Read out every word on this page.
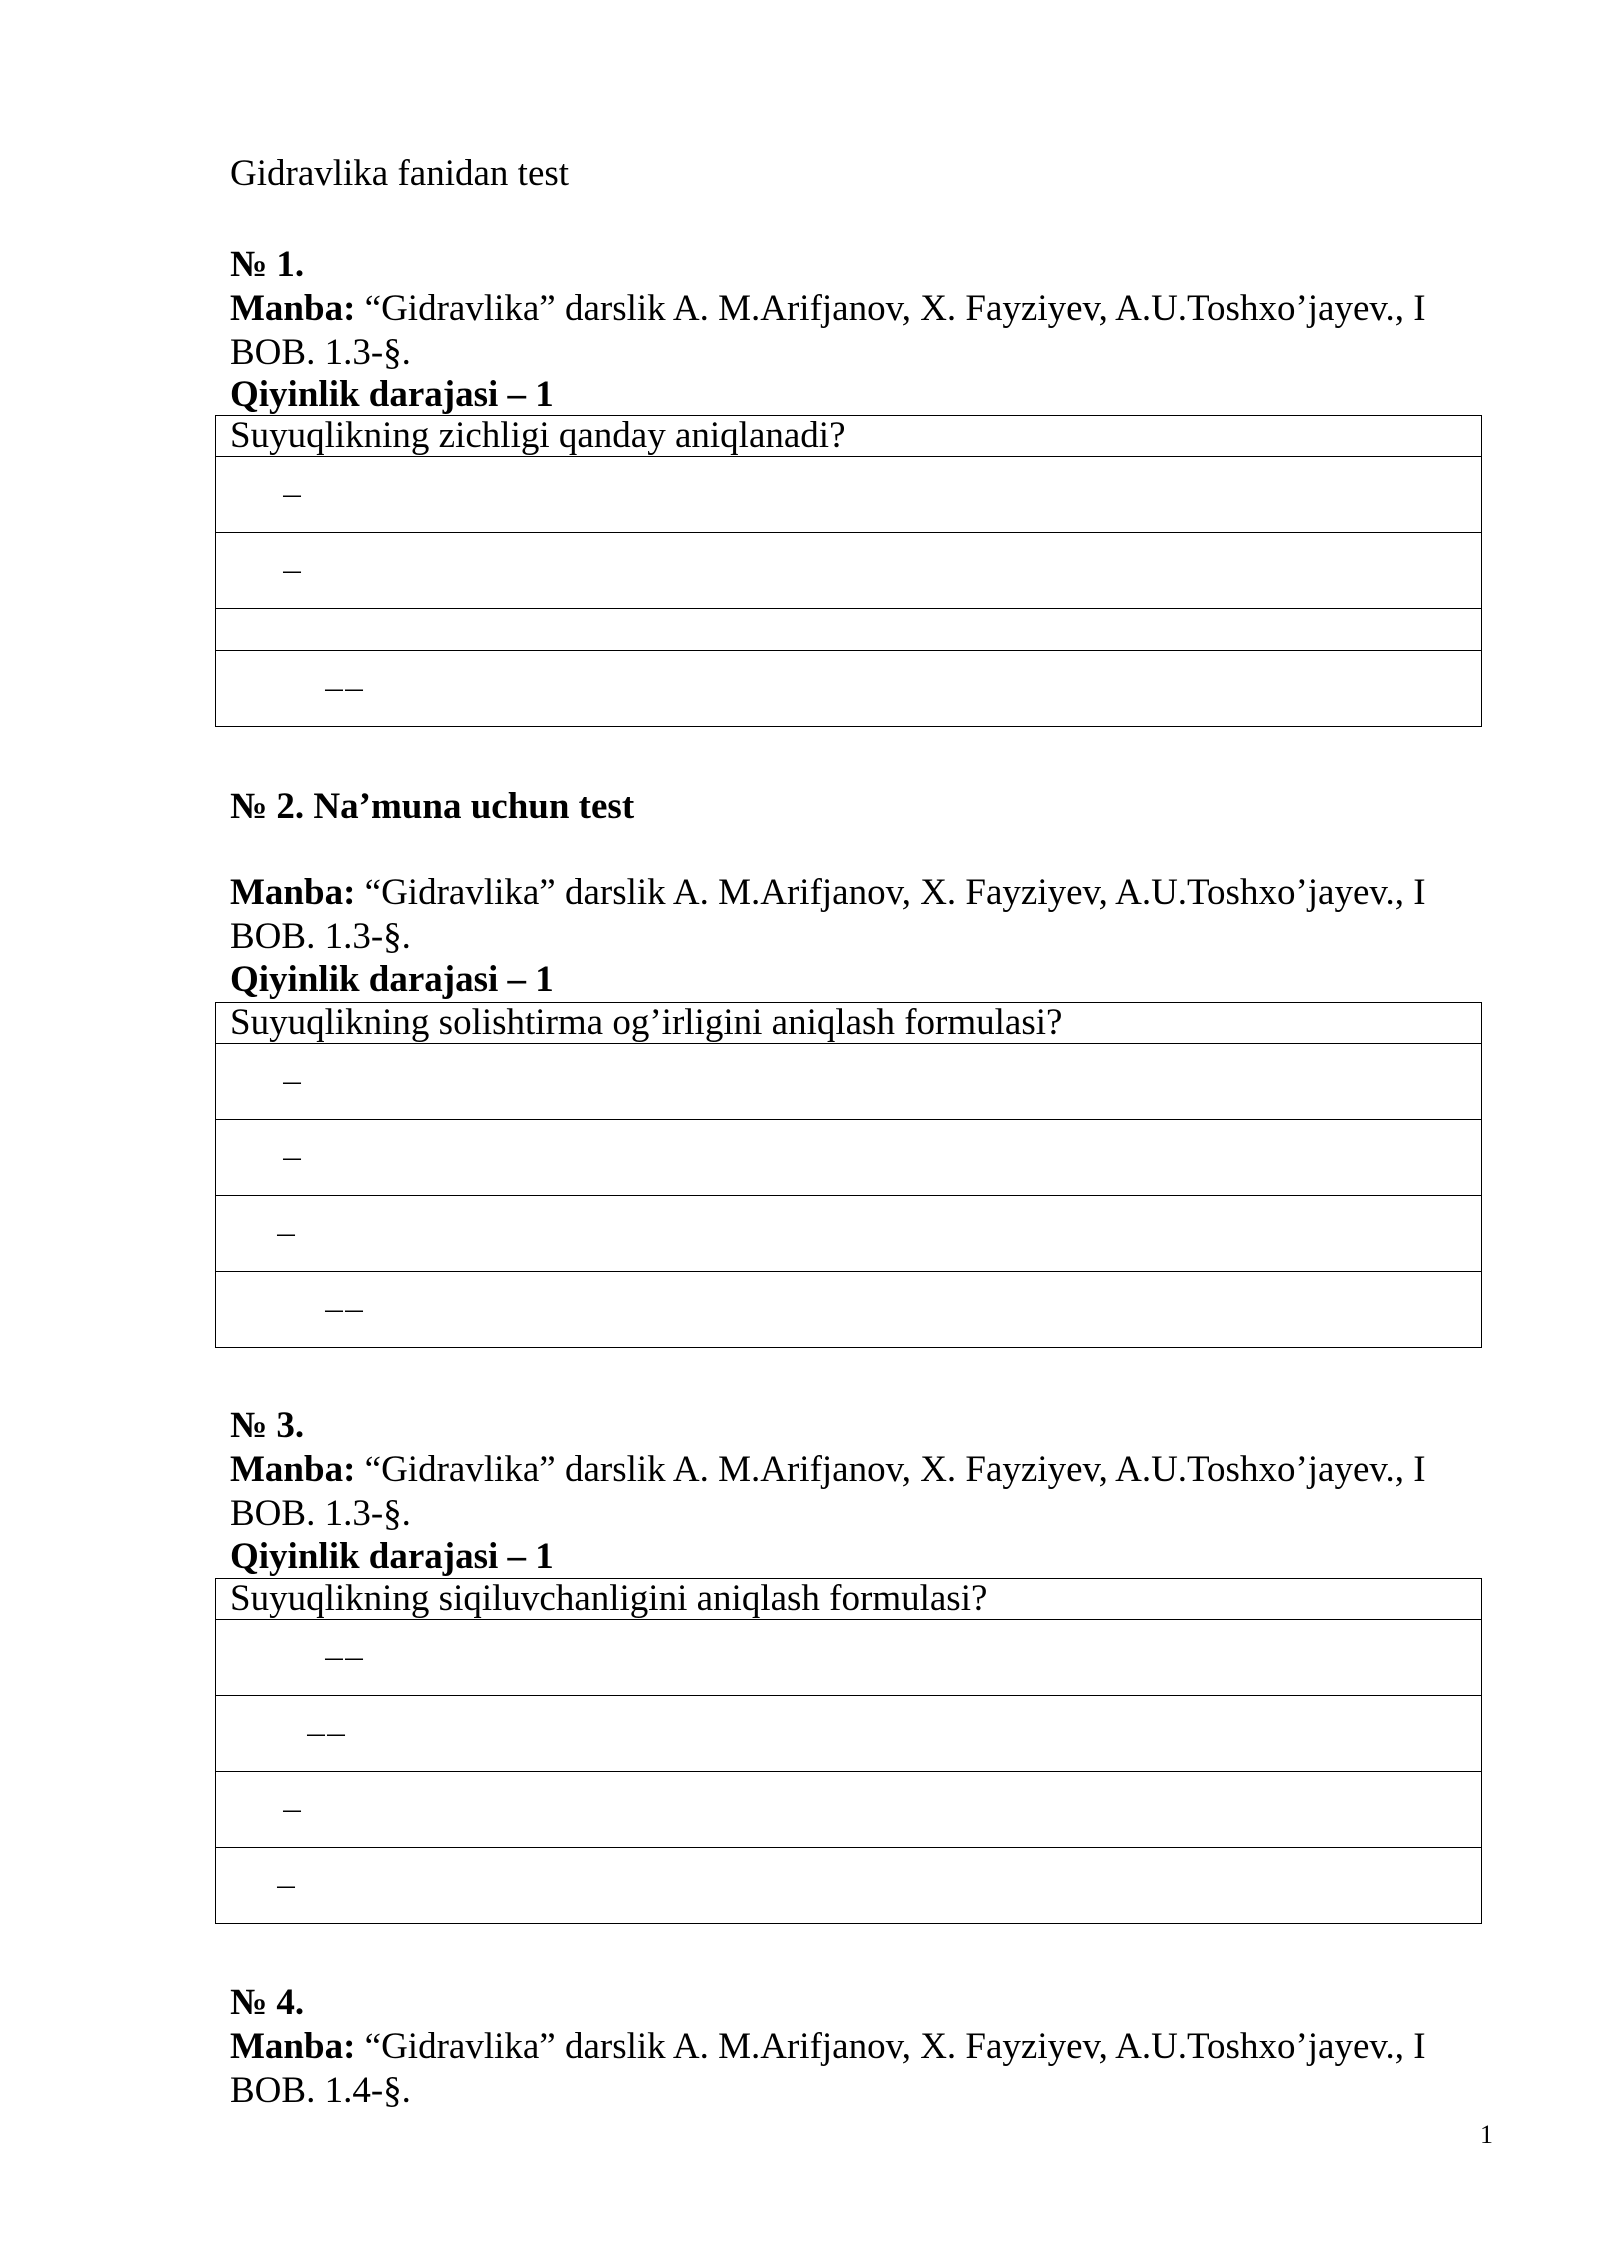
Gidravlika fanidan test
№ 1.
Manba: “Gidravlika” darslik A. M.Arifjanov, X. Fayziyev, A.U.Toshxo’jayev., I
BOB. 1.3-§.
Qiyinlik darajasi – 1
Suyuqlikning zichligi qanday aniqlanadi?

—

—

——
№ 2. Na’muna uchun test
Manba: “Gidravlika” darslik A. M.Arifjanov, X. Fayziyev, A.U.Toshxo’jayev., I
BOB. 1.3-§.
Qiyinlik darajasi – 1
Suyuqlikning solishtirma og’irligini aniqlash formulasi?

—

—

—

——
№ 3.
Manba: “Gidravlika” darslik A. M.Arifjanov, X. Fayziyev, A.U.Toshxo’jayev., I
BOB. 1.3-§.
Qiyinlik darajasi – 1
Suyuqlikning siqiluvchanligini aniqlash formulasi?

——

——

—

—
№ 4.
Manba: “Gidravlika” darslik A. M.Arifjanov, X. Fayziyev, A.U.Toshxo’jayev., I
BOB. 1.4-§.
1
